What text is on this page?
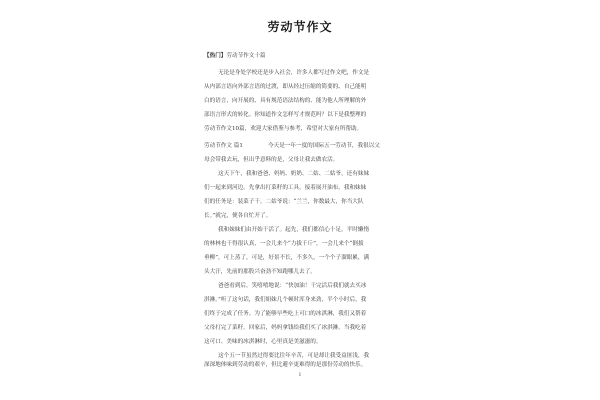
劳动节作文
【热门】劳动节作文十篇
无论是身处学校还是步入社会，许多人都写过作文吧，作文是
从内部言语向外部言语的过渡，即从经过压缩的简要的、自己能明
白的语言，向开展的、具有规范语法结构的、能为他人所理解的外
部语言形式的转化。你知道作文怎样写才规范吗？以下是我整理的
劳动节作文10篇，欢迎大家借鉴与参考，希望对大家有所帮助。
劳动节作文 篇1	今天是一年一度的国际五一劳动节，我很以父
母会带我去玩，但出乎意料的是，父母让我去做农活。
这天下午，我和爸爸、妈妈、奶奶、二姑、二姑爷，还有妹妹
们一起来到河边。先拿出打菜籽的工具，接着展开油布。我和妹妹
们的任务是：装菜子干。二姑爷说：“兰兰，你数最大，你当大队
长。”就完，便各自忙开了。
我和妹妹们由开始干活了。起先，我们都信心十足。平时懒惰
的林林也干得很认真，一会儿来个“力拔千斤”，一会儿来个“倒拔
垂柳”，可上蒸了，可是，好景不长，不多久，一个个子溜眼累，满
头大汗，先前的那股兴奋劲不知跑哪儿去了。
爸爸看到后，笑嘻嘻地说：“快加油！干完活后我们就去买冰
淇淋。”听了这句话，我们姐妹几个顿时浑身来劲，半个小时后，我
们终于完成了任务。为了能够早些吃上可口的冰淇淋，我们又帮着
父母打完了菜籽。回家后，妈妈拿钱给我们买了冰淇淋。当我吃着
这可口、美味的冰淇淋时，心里真是美滋滋的。
这个五一节虽然过得要比往年辛苦，可是却让我受益匪浅，我
深深地体味到劳动的艰辛，但比避辛更难得的是那份劳动的快乐。
1
